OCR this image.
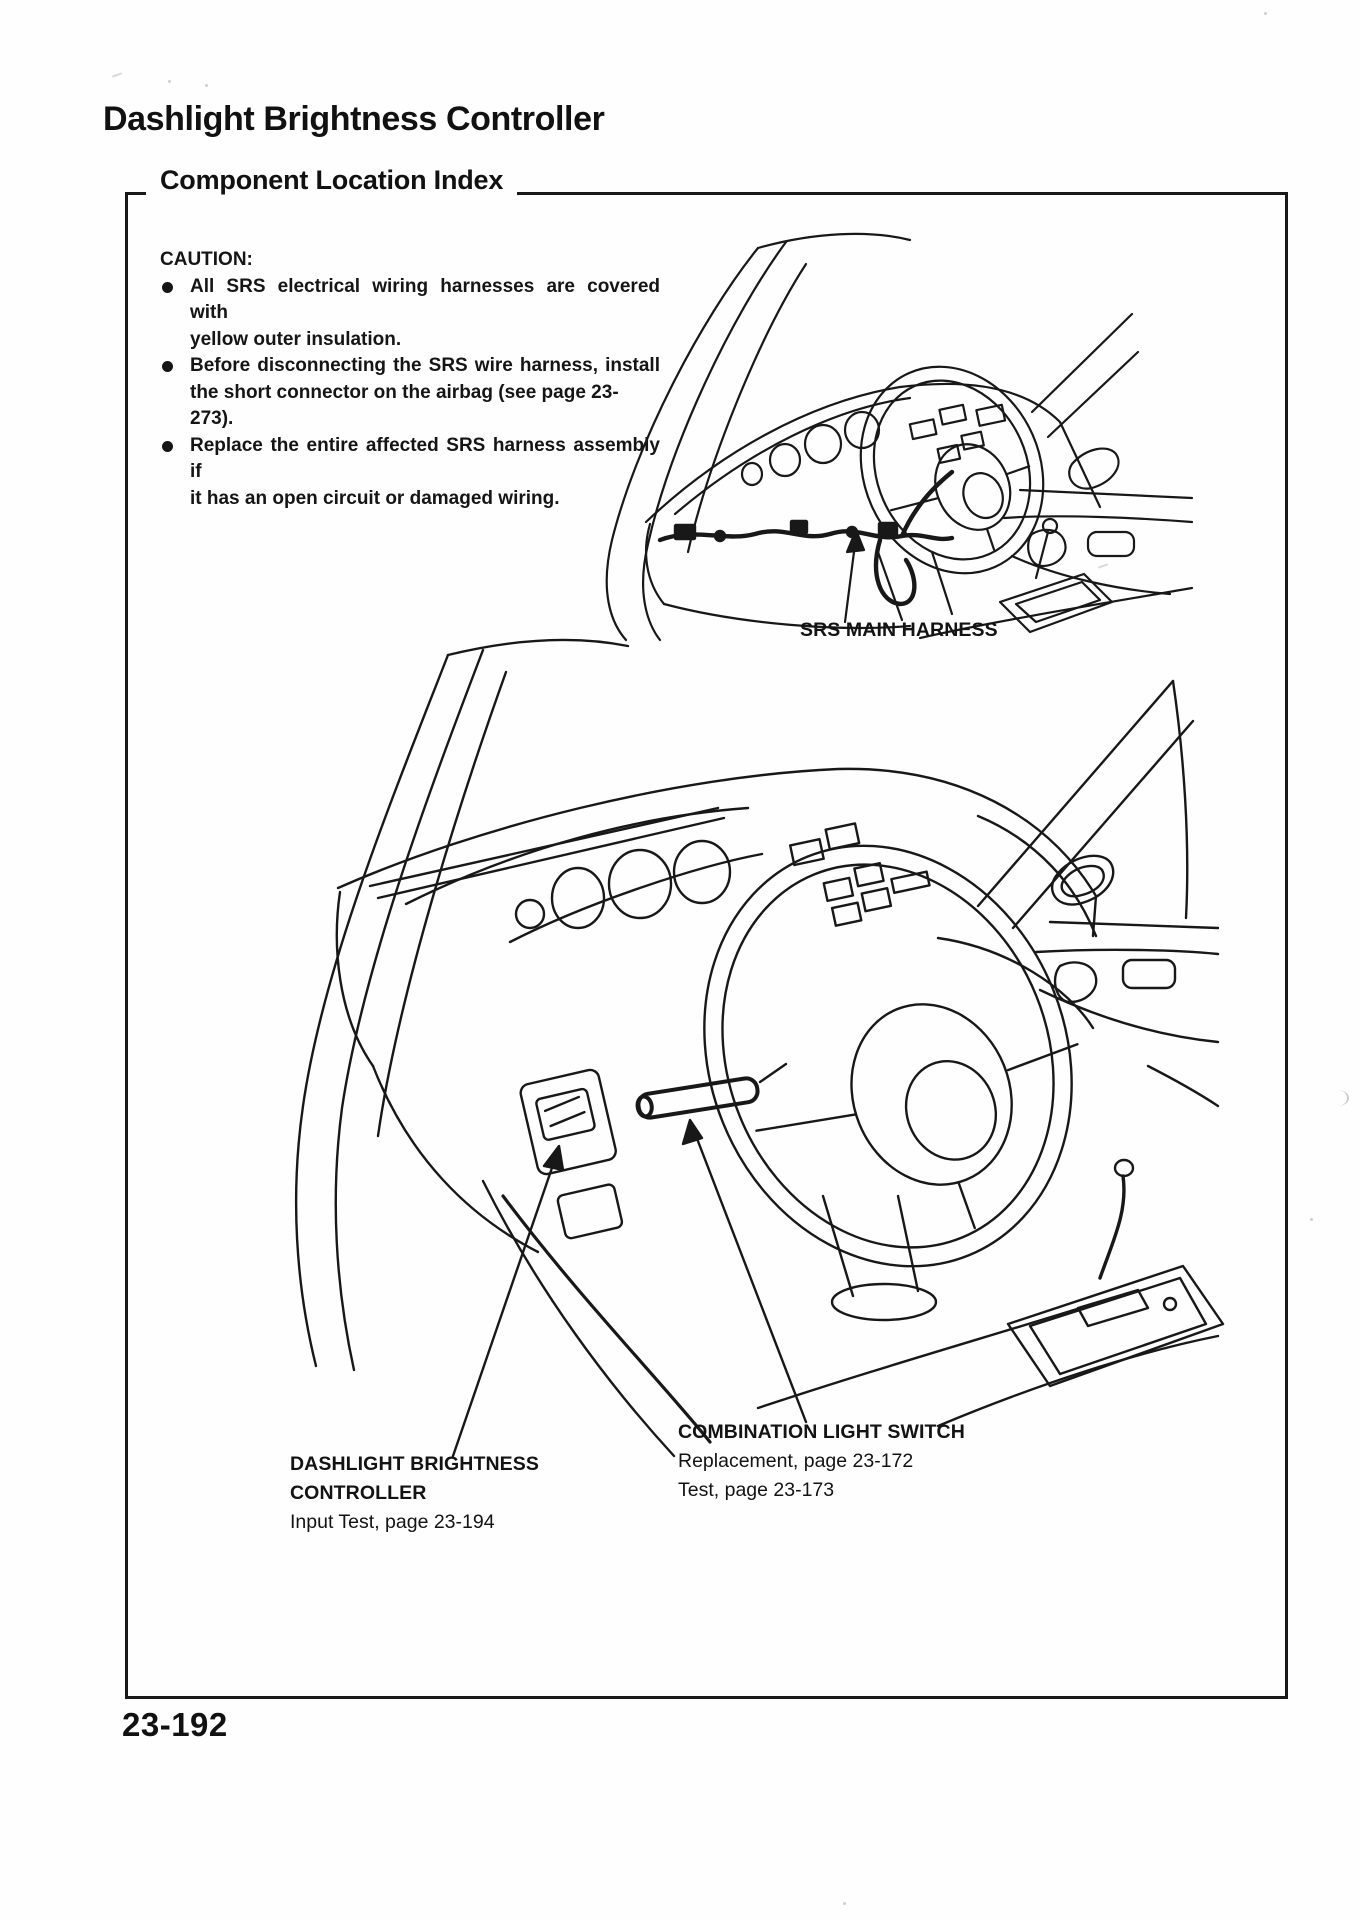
Dashlight Brightness Controller
Component Location Index

CAUTION:

All SRS electrical wiring harnesses are covered with
yellow outer insulation.
Before disconnecting the SRS wire harness, install
the short connector on the airbag (see page 23-273).
Replace the entire affected SRS harness assembly if
it has an open circuit or damaged wiring.
SRS MAIN HARNESS
DASHLIGHT BRIGHTNESS
CONTROLLER
Input Test, page 23-194
COMBINATION LIGHT SWITCH
Replacement, page 23-172
Test, page 23-173

23-192
